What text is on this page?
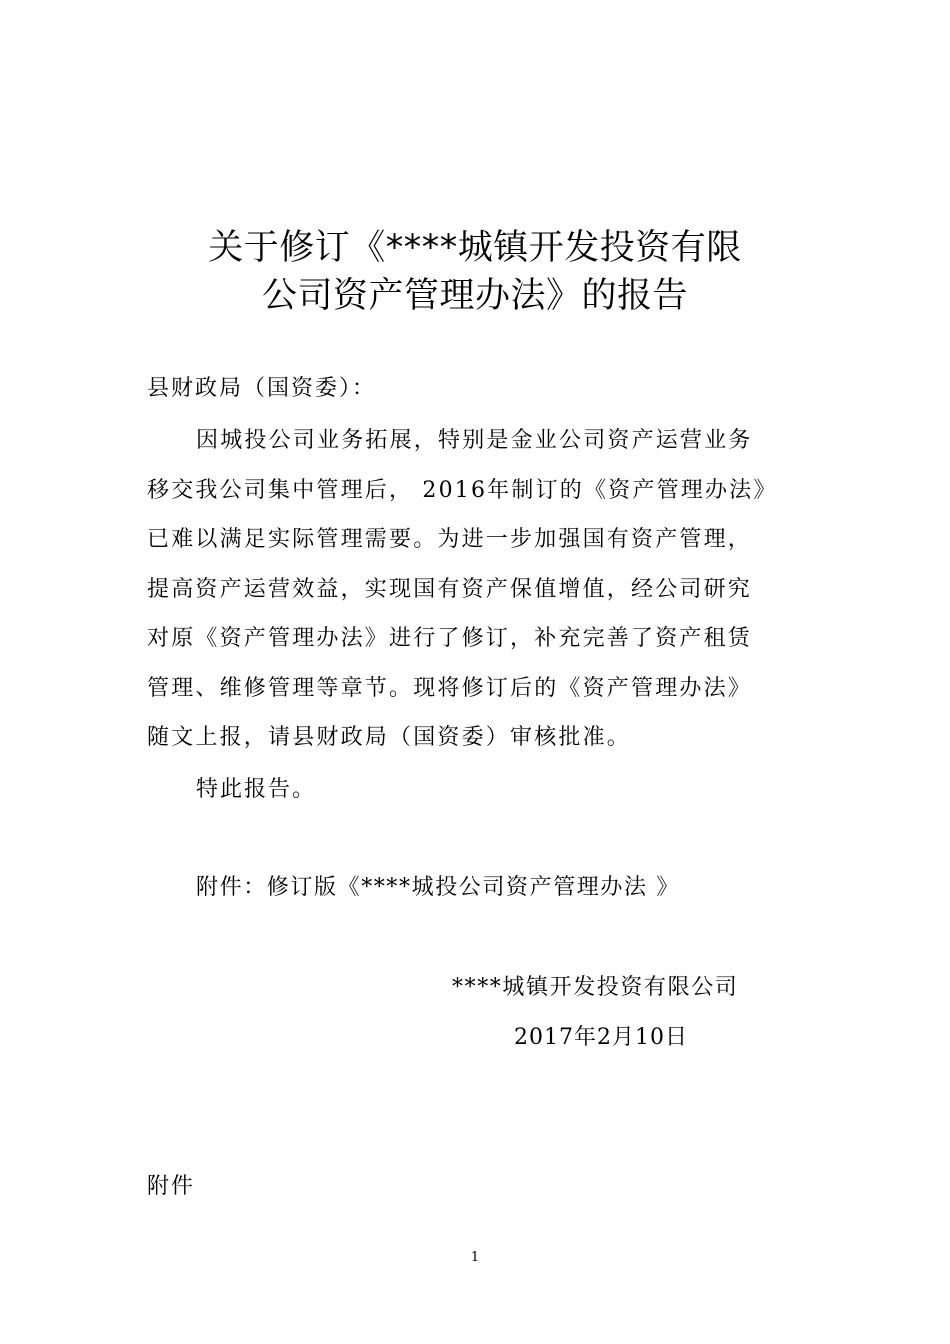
关于修订《****城镇开发投资有限
公司资产管理办法》的报告
县财政局（国资委）：
因城投公司业务拓展，特别是金业公司资产运营业务
移交我公司集中管理后， 2016年制订的《资产管理办法》
已难以满足实际管理需要。为进一步加强国有资产管理，
提高资产运营效益，实现国有资产保值增值，经公司研究
对原《资产管理办法》进行了修订，补充完善了资产租赁
管理、维修管理等章节。现将修订后的《资产管理办法》
随文上报，请县财政局（国资委）审核批准。
特此报告。
附件：修订版《****城投公司资产管理办法 》
****城镇开发投资有限公司
2017年2月10日
附件
1
